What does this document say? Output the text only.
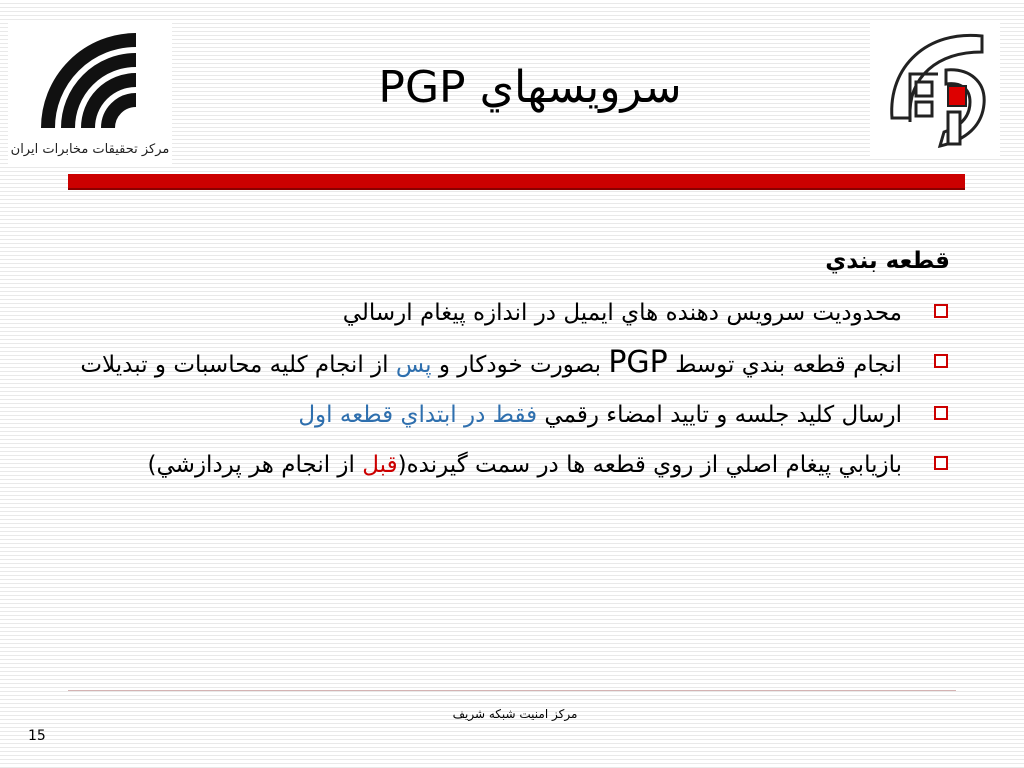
مرکز تحقیقات مخابرات ایران
سرويسهاي PGP
قطعه بندي
محدوديت سرويس دهنده هاي ايميل در اندازه پيغام ارسالي
انجام قطعه بندي توسط PGP بصورت خودكار و پس از انجام كليه محاسبات و تبديلات
ارسال كليد جلسه و تاييد امضاء رقمي فقط در ابتداي قطعه اول
بازيابي پيغام اصلي از روي قطعه ها در سمت گيرنده(قبل از انجام هر پردازشي)
مركز امنيت شبكه شريف
15
